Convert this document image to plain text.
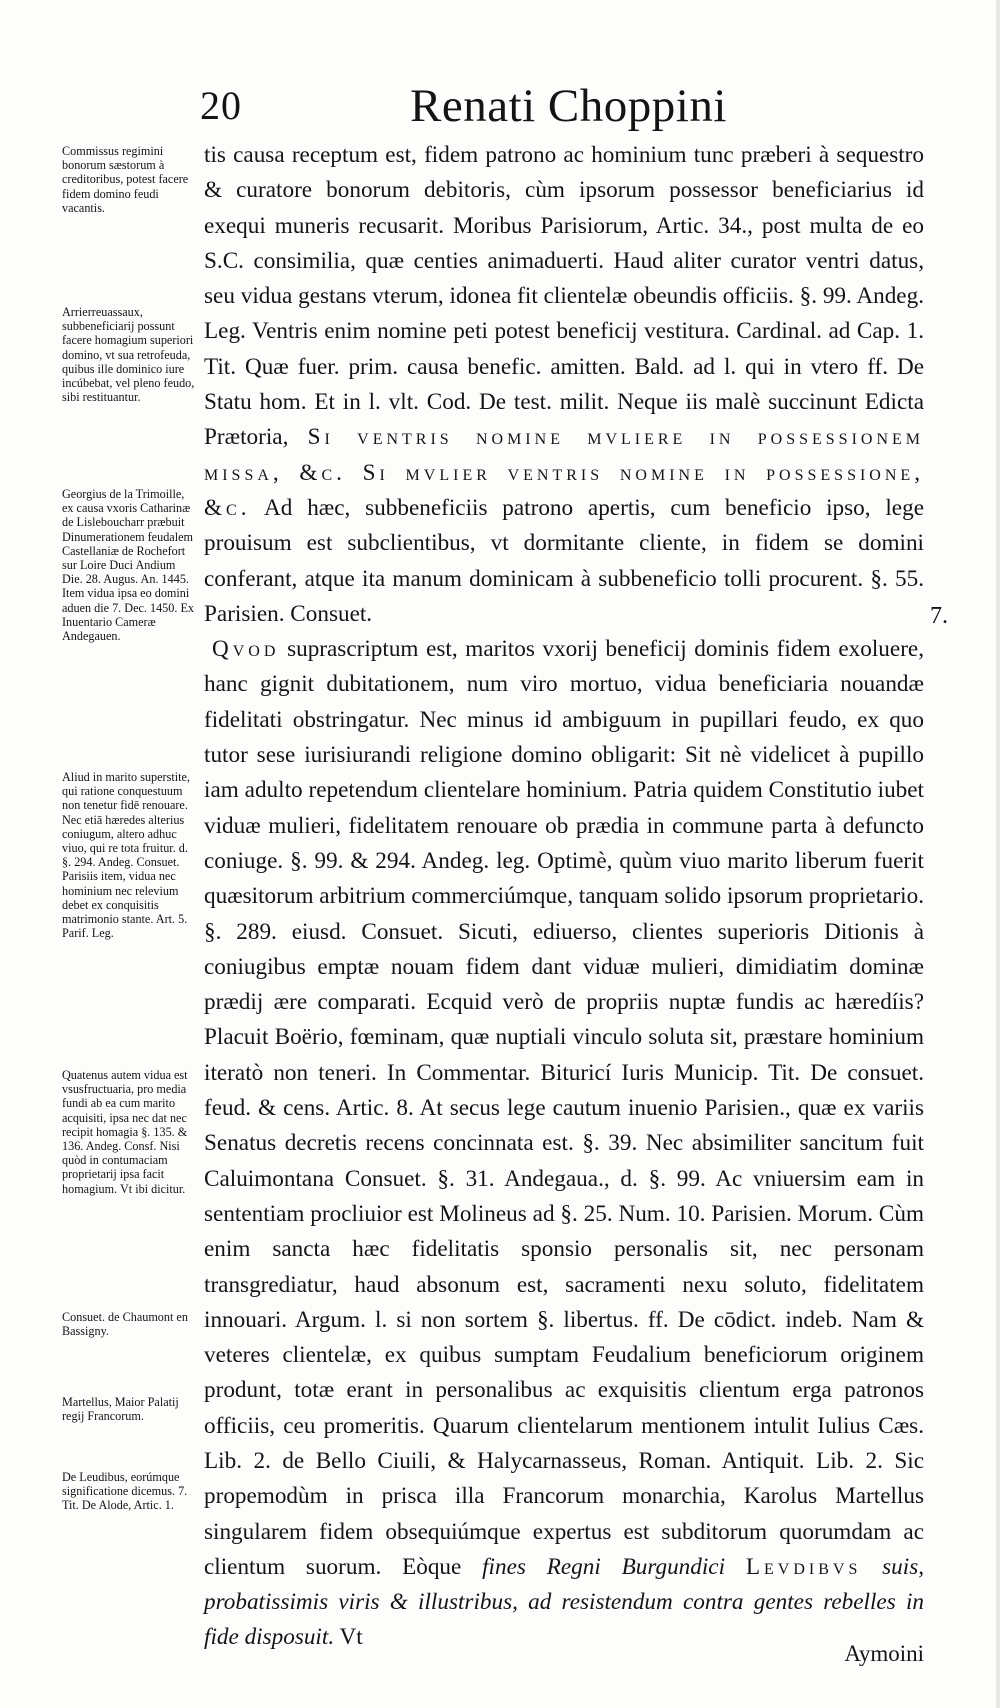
20	Renati Choppini
Commissus regimini bonorum sæstorum à creditoribus, potest facere fidem domino feudi vacantis.
Arrierreuassaux, subbeneficiarij possunt facere homagium superiori domino, vt sua retrofeuda, quibus ille dominico iure incúbebat, vel pleno feudo, sibi restituantur.
Georgius de la Trimoille, ex causa vxoris Catharinæ de Lisleboucharr præbuit Dinumerationem feudalem Castellaniæ de Rochefort sur Loire Duci Andium Die. 28. Augus. An. 1445. Item vidua ipsa eo domini aduen die 7. Dec. 1450. Ex Inuentario Cameræ Andegauen.
Aliud in marito superstite, qui ratione conquestuum non tenetur fidē renouare. Nec etiā hæredes alterius coniugum, altero adhuc viuo, qui re tota fruitur. d. §. 294. Andeg. Consuet. Parisiis item, vidua nec hominium nec relevium debet ex conquisitis matrimonio stante. Art. 5. Parif. Leg.
Quatenus autem vidua est vsusfructuaria, pro media fundi ab ea cum marito acquisiti, ipsa nec dat nec recipit homagia §. 135. & 136. Andeg. Consf. Nisi quòd in contumaciam proprietarij ipsa facit homagium. Vt ibi dicitur.
Consuet. de Chaumont en Bassigny.
Martellus, Maior Palatij regij Francorum.
De Leudibus, eorúmque significatione dicemus. 7. Tit. De Alode, Artic. 1.

tis causa receptum est, fidem patrono ac hominium tunc præberi à sequestro & curatore bonorum debitoris, cùm ipsorum possessor beneficiarius id exequi muneris recusarit. Moribus Parisiorum, Artic. 34., post multa de eo S.C. consimilia, quæ centies animaduerti. Haud aliter curator ventri datus, seu vidua gestans vterum, idonea fit clientelæ obeundis officiis. §. 99. Andeg. Leg. Ventris enim nomine peti potest beneficij vestitura. Cardinal. ad Cap. 1. Tit. Quæ fuer. prim. causa benefic. amitten. Bald. ad l. qui in vtero ff. De Statu hom. Et in l. vlt. Cod. De test. milit. Neque iis malè succinunt Edicta Prætoria, Si ventris nomine mvliere in possessionem missa, &c. Si mvlier ventris nomine in possessione, &c. Ad hæc, subbeneficiis patrono apertis, cum beneficio ipso, lege prouisum est subclientibus, vt dormitante cliente, in fidem se domini conferant, atque ita manum dominicam à subbeneficio tolli procurent. §. 55. Parisien. Consuet.

Qvod suprascriptum est, maritos vxorij beneficij dominis fidem exoluere, hanc gignit dubitationem, num viro mortuo, vidua beneficiaria nouandæ fidelitati obstringatur. Nec minus id ambiguum in pupillari feudo, ex quo tutor sese iurisiurandi religione domino obligarit: Sit nè videlicet à pupillo iam adulto repetendum clientelare hominium. Patria quidem Constitutio iubet viduæ mulieri, fidelitatem renouare ob prædia in commune parta à defuncto coniuge. §. 99. & 294. Andeg. leg. Optimè, quùm viuo marito liberum fuerit quæsitorum arbitrium commerciúmque, tanquam solido ipsorum proprietario. §. 289. eiusd. Consuet. Sicuti, ediuerso, clientes superioris Ditionis à coniugibus emptæ nouam fidem dant viduæ mulieri, dimidiatim dominæ prædij ære comparati. Ecquid verò de propriis nuptæ fundis ac hæredíis? Placuit Boërio, fœminam, quæ nuptiali vinculo soluta sit, præstare hominium iteratò non teneri. In Commentar. Bituricí Iuris Municip. Tit. De consuet. feud. & cens. Artic. 8. At secus lege cautum inuenio Parisien., quæ ex variis Senatus decretis recens concinnata est. §. 39. Nec absimiliter sancitum fuit Caluimontana Consuet. §. 31. Andegaua., d. §. 99. Ac vniuersim eam in sententiam procliuior est Molineus ad §. 25. Num. 10. Parisien. Morum. Cùm enim sancta hæc fidelitatis sponsio personalis sit, nec personam transgrediatur, haud absonum est, sacramenti nexu soluto, fidelitatem innouari. Argum. l. si non sortem §. libertus. ff. De cōdict. indeb. Nam & veteres clientelæ, ex quibus sumptam Feudalium beneficiorum originem produnt, totæ erant in personalibus ac exquisitis clientum erga patronos officiis, ceu promeritis. Quarum clientelarum mentionem intulit Iulius Cæs. Lib. 2. de Bello Ciuili, & Halycarnasseus, Roman. Antiquit. Lib. 2. Sic propemodùm in prisca illa Francorum monarchia, Karolus Martellus singularem fidem obsequiúmque expertus est subditorum quorumdam ac clientum suorum. Eòque fines Regni Burgundici Levdibvs suis, probatissimis viris & illustribus, ad resistendum contra gentes rebelles in fide disposuit. Vt

7.
Aymoini
